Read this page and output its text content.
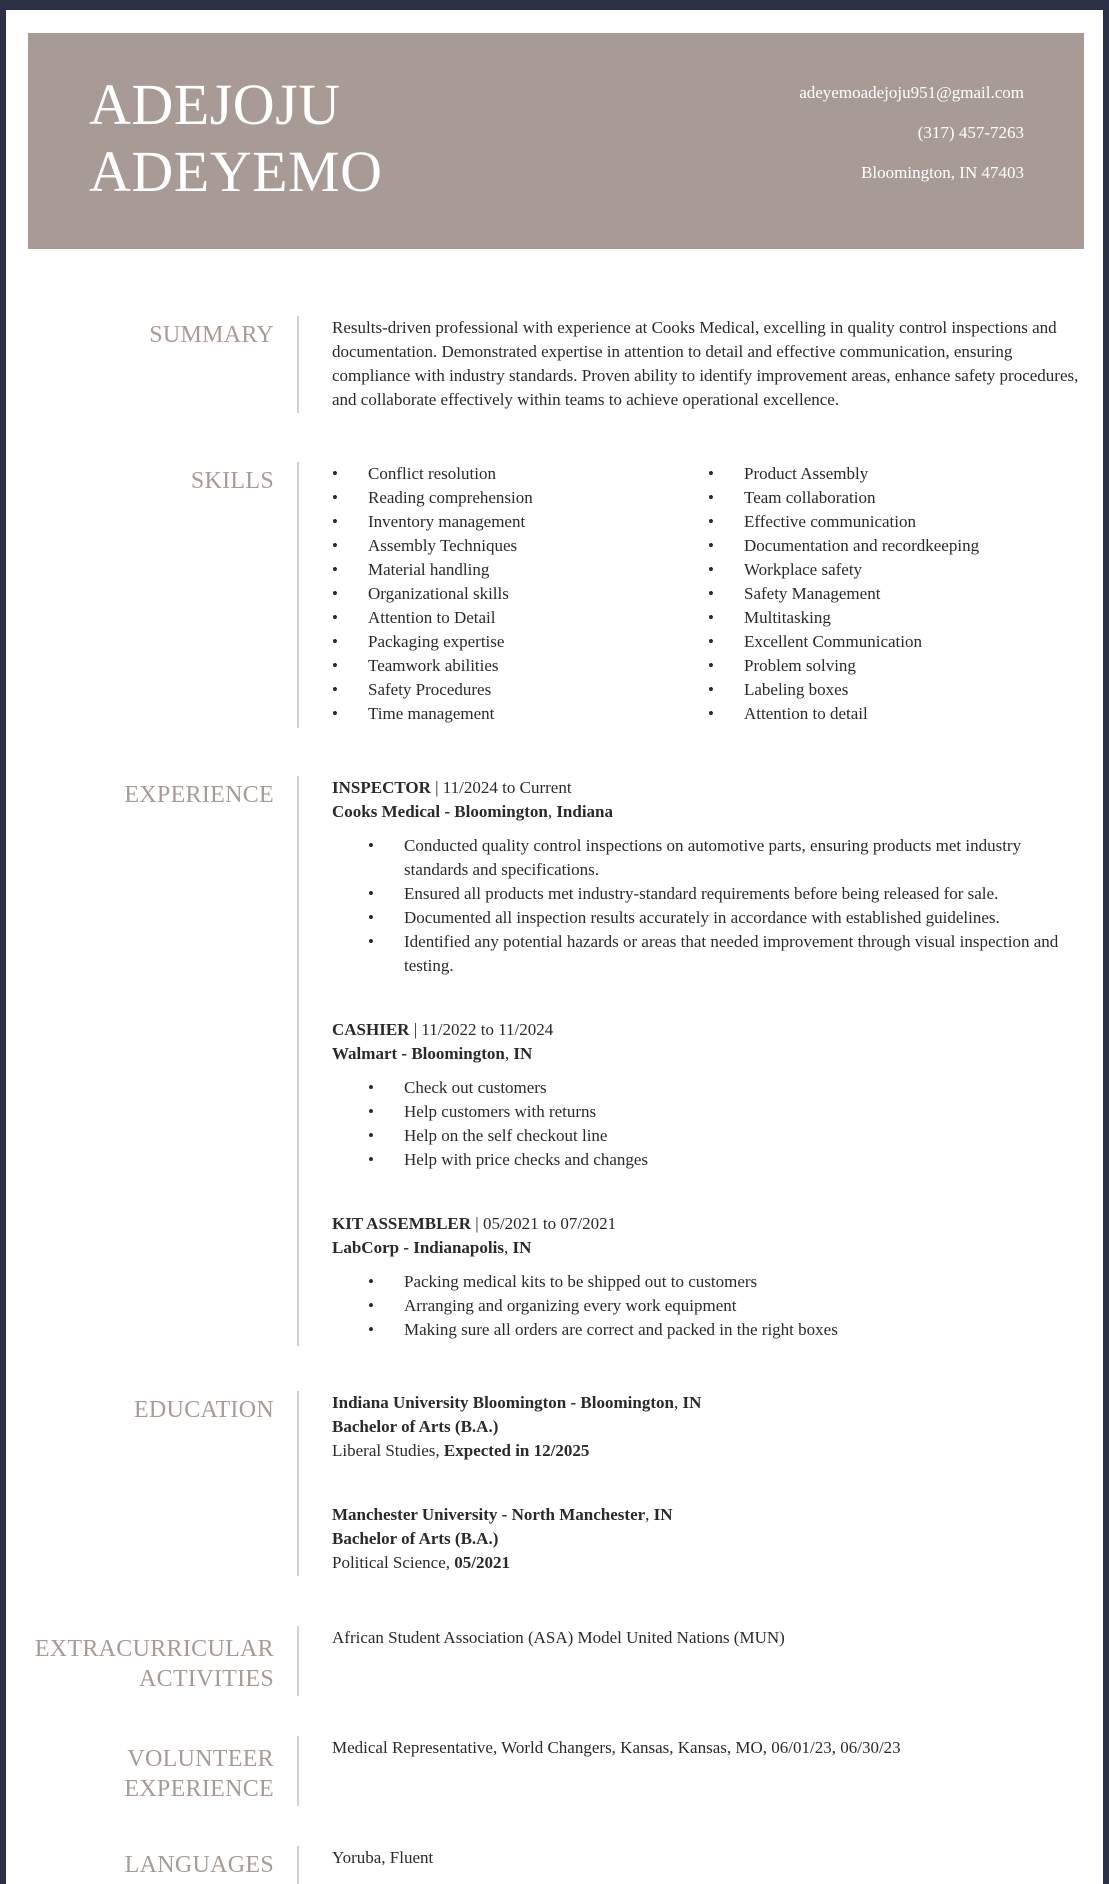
ADEJOJU
ADEYEMO
adeyemoadejoju951@gmail.com
(317) 457-7263
Bloomington, IN 47403
SUMMARY	Results-driven professional with experience at Cooks Medical, excelling in quality control inspections and documentation. Demonstrated expertise in attention to detail and effective communication, ensuring compliance with industry standards. Proven ability to identify improvement areas, enhance safety procedures, and collaborate effectively within teams to achieve operational excellence.

SKILLS	• Conflict resolution
• Reading comprehension
• Inventory management
• Assembly Techniques
• Material handling
• Organizational skills
• Attention to Detail
• Packaging expertise
• Teamwork abilities
• Safety Procedures
• Time management
• Product Assembly
• Team collaboration
• Effective communication
• Documentation and recordkeeping
• Workplace safety
• Safety Management
• Multitasking
• Excellent Communication
• Problem solving
• Labeling boxes
• Attention to detail
EXPERIENCE	INSPECTOR | 11/2024 to Current
Cooks Medical - Bloomington, Indiana
• Conducted quality control inspections on automotive parts, ensuring products met industry standards and specifications.
• Ensured all products met industry-standard requirements before being released for sale.
• Documented all inspection results accurately in accordance with established guidelines.
• Identified any potential hazards or areas that needed improvement through visual inspection and testing.
CASHIER | 11/2022 to 11/2024
Walmart - Bloomington, IN
• Check out customers
• Help customers with returns
• Help on the self checkout line
• Help with price checks and changes
KIT ASSEMBLER | 05/2021 to 07/2021
LabCorp - Indianapolis, IN
• Packing medical kits to be shipped out to customers
• Arranging and organizing every work equipment
• Making sure all orders are correct and packed in the right boxes
EDUCATION	Indiana University Bloomington - Bloomington, IN
Bachelor of Arts (B.A.)
Liberal Studies, Expected in 12/2025
Manchester University - North Manchester, IN
Bachelor of Arts (B.A.)
Political Science, 05/2021
EXTRACURRICULAR
ACTIVITIES
African Student Association (ASA) Model United Nations (MUN)
VOLUNTEER
EXPERIENCE
Medical Representative, World Changers, Kansas, Kansas, MO, 06/01/23, 06/30/23
LANGUAGES	Yoruba, Fluent
